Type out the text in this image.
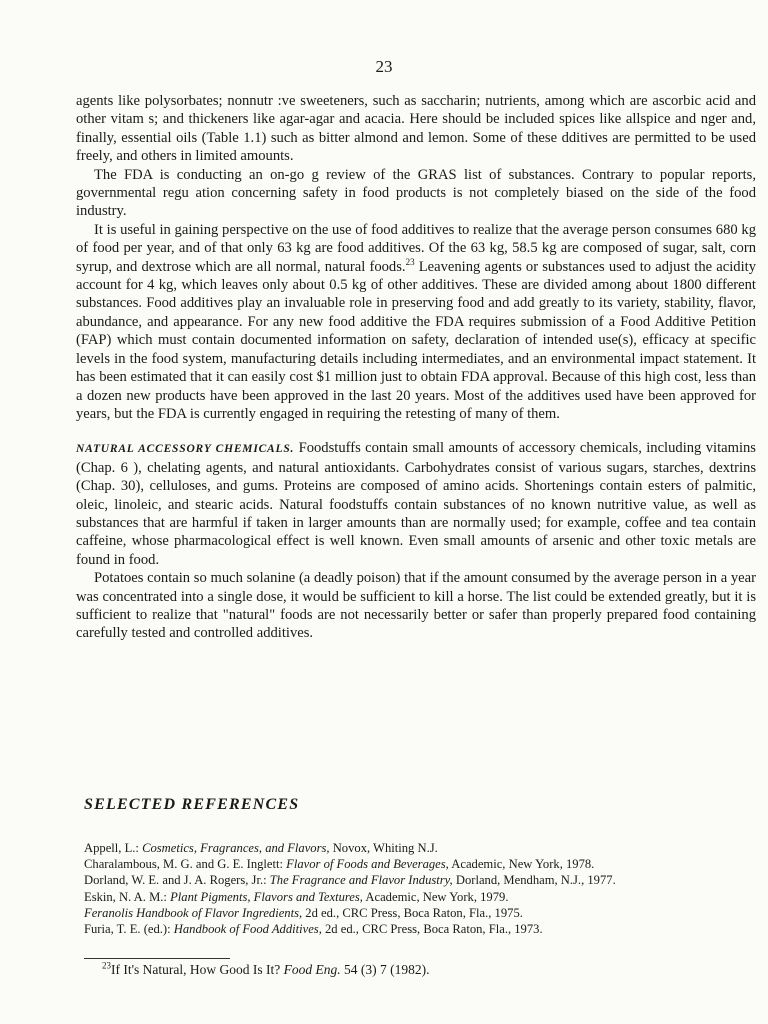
23

agents like polysorbates; nonnutr :ve sweeteners, such as saccharin; nutrients, among which are ascorbic acid and other vitam s; and thickeners like agar-agar and acacia. Here should be included spices like allspice and nger and, finally, essential oils (Table 1.1) such as bitter almond and lemon. Some of these dditives are permitted to be used freely, and others in limited amounts.

The FDA is conducting an on-go g review of the GRAS list of substances. Contrary to popular reports, governmental regu ation concerning safety in food products is not completely biased on the side of the food industry.

It is useful in gaining perspective on the use of food additives to realize that the average person consumes 680 kg of food per year, and of that only 63 kg are food additives. Of the 63 kg, 58.5 kg are composed of sugar, salt, corn syrup, and dextrose which are all normal, natural foods.$^{23}$ Leavening agents or substances used to adjust the acidity account for 4 kg, which leaves only about 0.5 kg of other additives. These are divided among about 1800 different substances. Food additives play an invaluable role in preserving food and add greatly to its variety, stability, flavor, abundance, and appearance. For any new food additive the FDA requires submission of a Food Additive Petition (FAP) which must contain documented information on safety, declaration of intended use(s), efficacy at specific levels in the food system, manufacturing details including intermediates, and an environmental impact statement. It has been estimated that it can easily cost $1 million just to obtain FDA approval. Because of this high cost, less than a dozen new products have been approved in the last 20 years. Most of the additives used have been approved for years, but the FDA is currently engaged in requiring the retesting of many of them.

NATURAL ACCESSORY CHEMICALS. Foodstuffs contain small amounts of accessory chemicals, including vitamins (Chap. 6 ), chelating agents, and natural antioxidants. Carbohydrates consist of various sugars, starches, dextrins (Chap. 30), celluloses, and gums. Proteins are composed of amino acids. Shortenings contain esters of palmitic, oleic, linoleic, and stearic acids. Natural foodstuffs contain substances of no known nutritive value, as well as substances that are harmful if taken in larger amounts than are normally used; for example, coffee and tea contain caffeine, whose pharmacological effect is well known. Even small amounts of arsenic and other toxic metals are found in food.

Potatoes contain so much solanine (a deadly poison) that if the amount consumed by the average person in a year was concentrated into a single dose, it would be sufficient to kill a horse. The list could be extended greatly, but it is sufficient to realize that "natural" foods are not necessarily better or safer than properly prepared food containing carefully tested and controlled additives.

SELECTED REFERENCES
Appell, L.: Cosmetics, Fragrances, and Flavors, Novox, Whiting N.J.
Charalambous, M. G. and G. E. Inglett: Flavor of Foods and Beverages, Academic, New York, 1978.
Dorland, W. E. and J. A. Rogers, Jr.: The Fragrance and Flavor Industry, Dorland, Mendham, N.J., 1977.
Eskin, N. A. M.: Plant Pigments, Flavors and Textures, Academic, New York, 1979.
Feranolis Handbook of Flavor Ingredients, 2d ed., CRC Press, Boca Raton, Fla., 1975.
Furia, T. E. (ed.): Handbook of Food Additives, 2d ed., CRC Press, Boca Raton, Fla., 1973.
$^{23}$If It's Natural, How Good Is It? Food Eng. 54 (3) 7 (1982).
